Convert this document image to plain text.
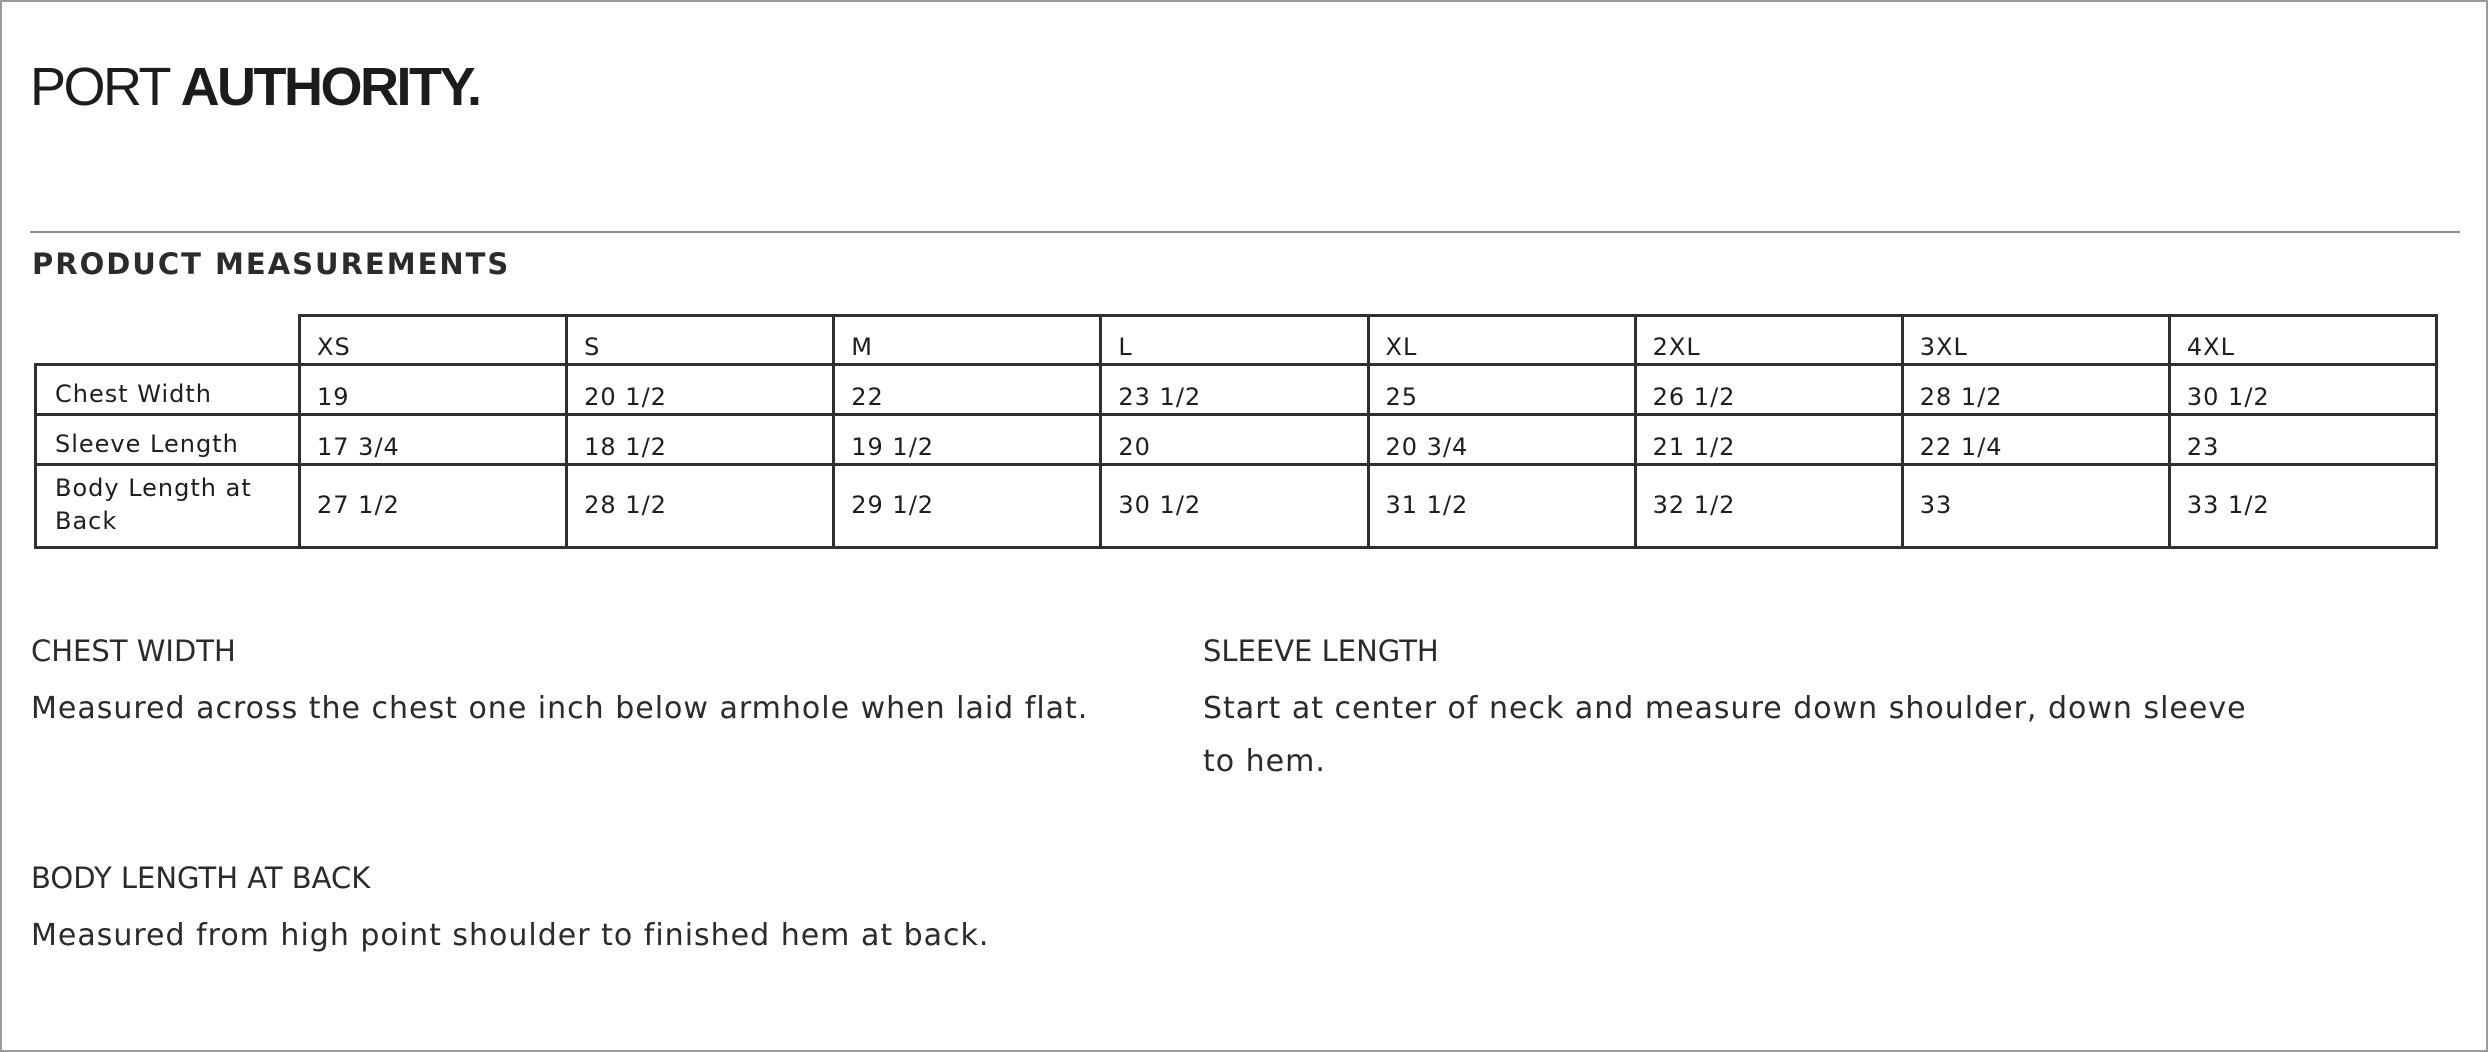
PORT AUTHORITY.
PRODUCT MEASUREMENTS
	XS	S	M	L	XL	2XL	3XL	4XL
Chest Width	19	20 1/2	22	23 1/2	25	26 1/2	28 1/2	30 1/2
Sleeve Length	17 3/4	18 1/2	19 1/2	20	20 3/4	21 1/2	22 1/4	23
Body Length at Back	27 1/2	28 1/2	29 1/2	30 1/2	31 1/2	32 1/2	33	33 1/2
CHEST WIDTH
Measured across the chest one inch below armhole when laid flat.
SLEEVE LENGTH
Start at center of neck and measure down shoulder, down sleeve to hem.
BODY LENGTH AT BACK
Measured from high point shoulder to finished hem at back.
